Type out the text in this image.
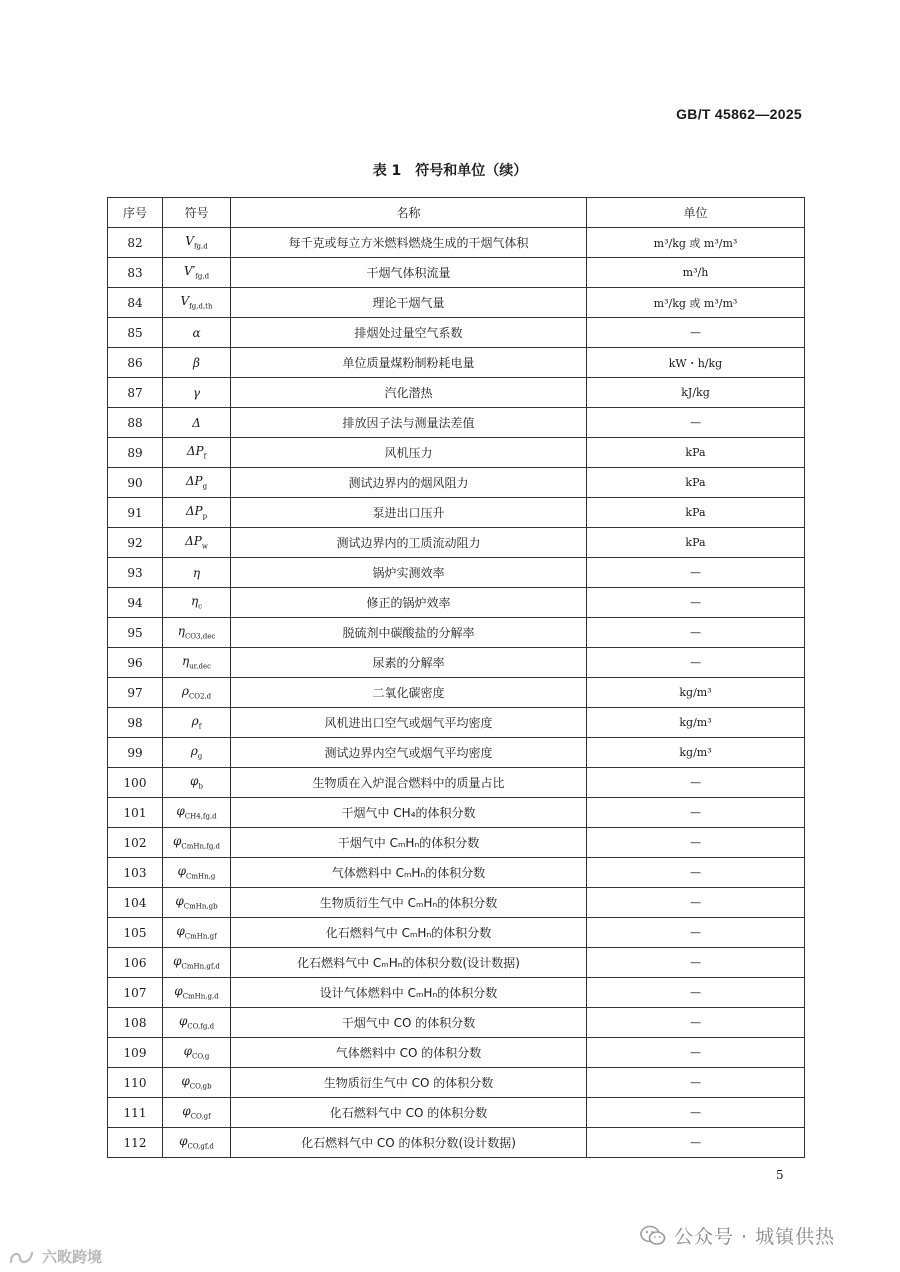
GB/T 45862—2025
表 1　符号和单位（续）
序号	符号	名称	单位
82	$V_{fg,d}$	每千克或每立方米燃料燃烧生成的干烟气体积	m³/kg 或 m³/m³
83	$V'_{fg,d}$	干烟气体积流量	m³/h
84	$V_{fg,d,th}$	理论干烟气量	m³/kg 或 m³/m³
85	α	排烟处过量空气系数	—
86	β	单位质量煤粉制粉耗电量	kW・h/kg
87	γ	汽化潜热	kJ/kg
88	Δ	排放因子法与测量法差值	—
89	$\Delta P_f$	风机压力	kPa
90	$\Delta P_g$	测试边界内的烟风阻力	kPa
91	$\Delta P_p$	泵进出口压升	kPa
92	$\Delta P_w$	测试边界内的工质流动阻力	kPa
93	η	锅炉实测效率	—
94	$\eta_c$	修正的锅炉效率	—
95	$\eta_{CO3,dec}$	脱硫剂中碳酸盐的分解率	—
96	$\eta_{ur,dec}$	尿素的分解率	—
97	$\rho_{CO2,d}$	二氧化碳密度	kg/m³
98	$\rho_f$	风机进出口空气或烟气平均密度	kg/m³
99	$\rho_g$	测试边界内空气或烟气平均密度	kg/m³
100	$\varphi_b$	生物质在入炉混合燃料中的质量占比	—
101	$\varphi_{CH4,fg,d}$	干烟气中 CH₄的体积分数	—
102	$\varphi_{CmHn,fg,d}$	干烟气中 CₘHₙ的体积分数	—
103	$\varphi_{CmHn,g}$	气体燃料中 CₘHₙ的体积分数	—
104	$\varphi_{CmHn,gb}$	生物质衍生气中 CₘHₙ的体积分数	—
105	$\varphi_{CmHn,gf}$	化石燃料气中 CₘHₙ的体积分数	—
106	$\varphi_{CmHn,gf,d}$	化石燃料气中 CₘHₙ的体积分数(设计数据)	—
107	$\varphi_{CmHn,g,d}$	设计气体燃料中 CₘHₙ的体积分数	—
108	$\varphi_{CO,fg,d}$	干烟气中 CO 的体积分数	—
109	$\varphi_{CO,g}$	气体燃料中 CO 的体积分数	—
110	$\varphi_{CO,gb}$	生物质衍生气中 CO 的体积分数	—
111	$\varphi_{CO,gf}$	化石燃料气中 CO 的体积分数	—
112	$\varphi_{CO,gf,d}$	化石燃料气中 CO 的体积分数(设计数据)	—
5
公众号 · 城镇供热
六畋跨境
